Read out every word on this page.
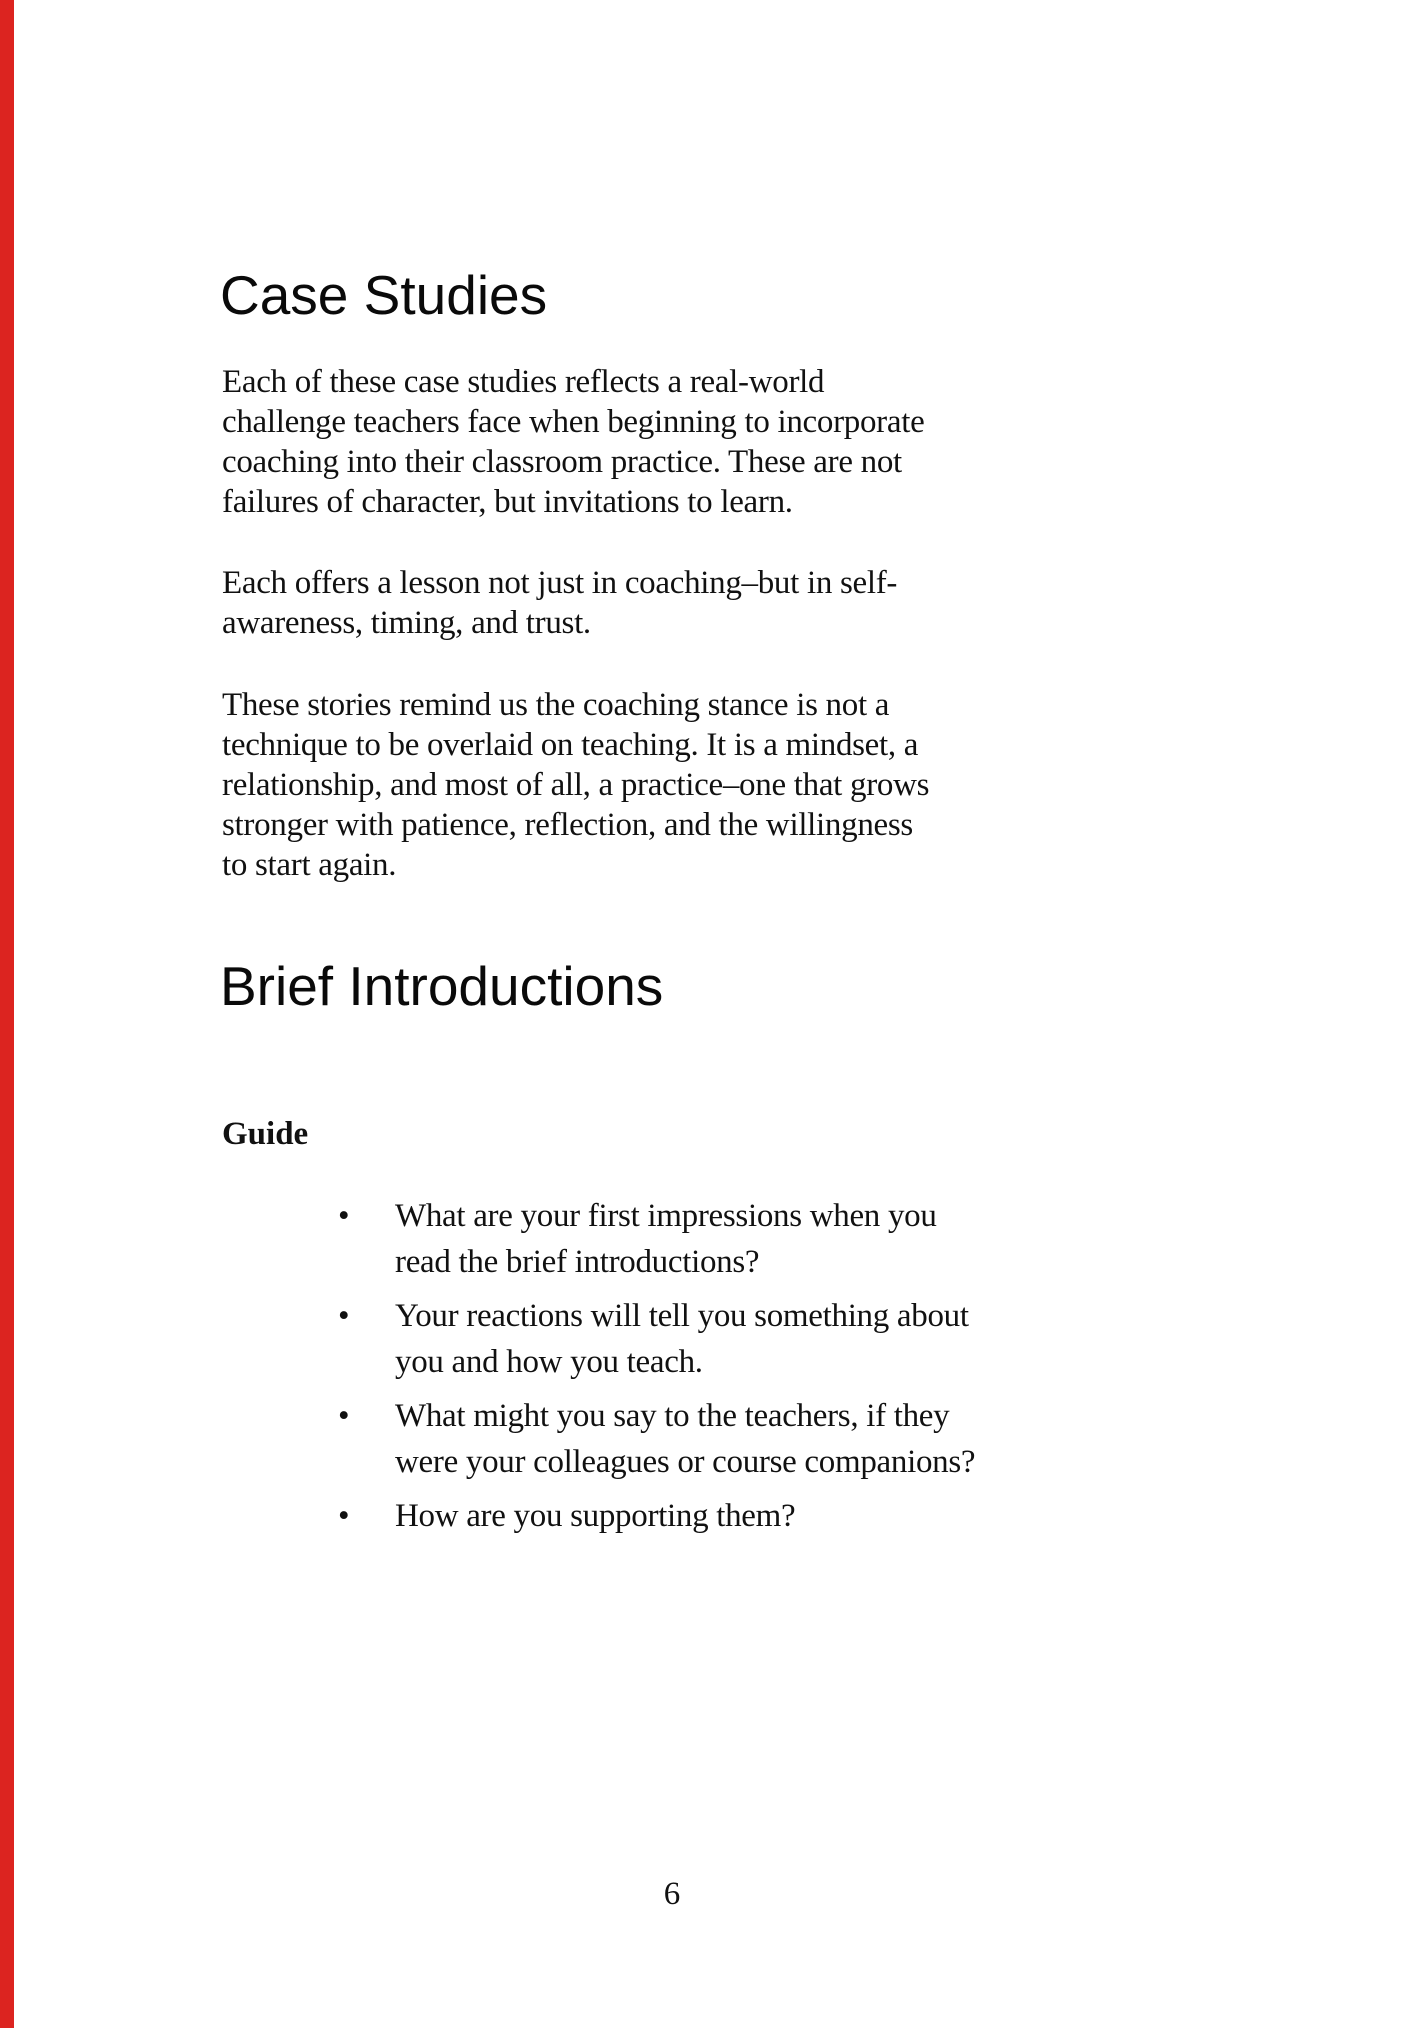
Case Studies
Each of these case studies reflects a real-world
challenge teachers face when beginning to incorporate
coaching into their classroom practice. These are not
failures of character, but invitations to learn.
Each offers a lesson not just in coaching–but in self-
awareness, timing, and trust.
These stories remind us the coaching stance is not a
technique to be overlaid on teaching. It is a mindset, a
relationship, and most of all, a practice–one that grows
stronger with patience, reflection, and the willingness
to start again.
Brief Introductions
Guide
•	What are your first impressions when you
read the brief introductions?
•	Your reactions will tell you something about
you and how you teach.
•	What might you say to the teachers, if they
were your colleagues or course companions?
•	How are you supporting them?
6
